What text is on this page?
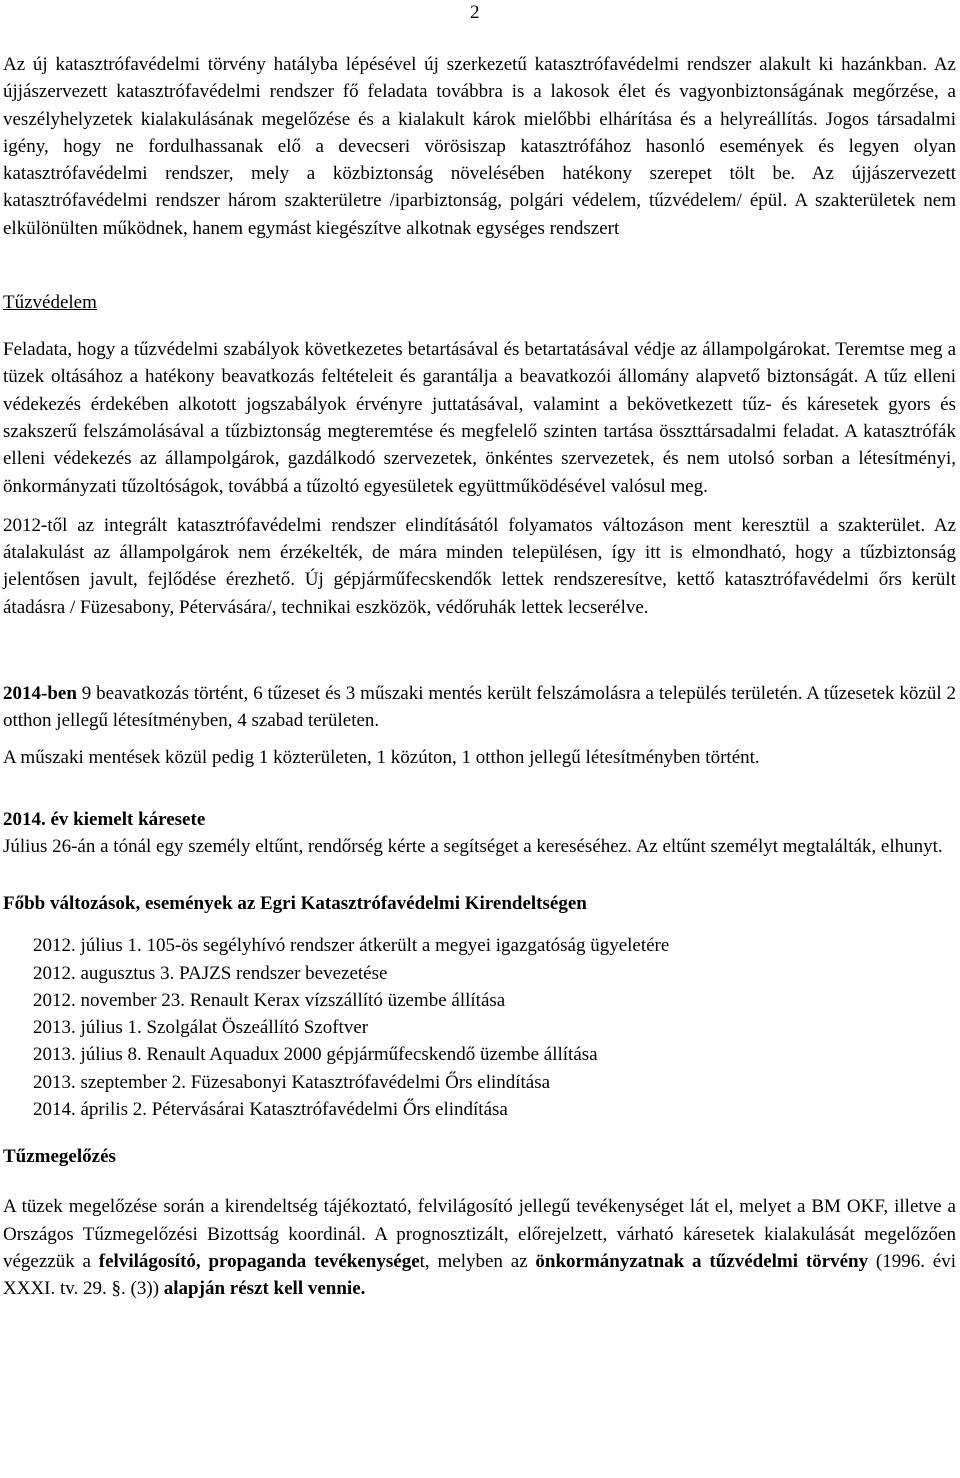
2

Az új katasztrófavédelmi törvény hatályba lépésével új szerkezetű katasztrófavédelmi rendszer alakult ki hazánkban. Az újjászervezett katasztrófavédelmi rendszer fő feladata továbbra is a lakosok élet és vagyonbiztonságának megőrzése, a veszélyhelyzetek kialakulásának megelőzése és a kialakult károk mielőbbi elhárítása és a helyreállítás. Jogos társadalmi igény, hogy ne fordulhassanak elő a devecseri vörösiszap katasztrófához hasonló események és legyen olyan katasztrófavédelmi rendszer, mely a közbiztonság növelésében hatékony szerepet tölt be. Az újjászervezett katasztrófavédelmi rendszer három szakterületre /iparbiztonság, polgári védelem, tűzvédelem/ épül. A szakterületek nem elkülönülten működnek, hanem egymást kiegészítve alkotnak egységes rendszert

Tűzvédelem

Feladata, hogy a tűzvédelmi szabályok következetes betartásával és betartatásával védje az állampolgárokat. Teremtse meg a tüzek oltásához a hatékony beavatkozás feltételeit és garantálja a beavatkozói állomány alapvető biztonságát. A tűz elleni védekezés érdekében alkotott jogszabályok érvényre juttatásával, valamint a bekövetkezett tűz- és káresetek gyors és szakszerű felszámolásával a tűzbiztonság megteremtése és megfelelő szinten tartása összttársadalmi feladat. A katasztrófák elleni védekezés az állampolgárok, gazdálkodó szervezetek, önkéntes szervezetek, és nem utolsó sorban a létesítményi, önkormányzati tűzoltóságok, továbbá a tűzoltó egyesületek együttműködésével valósul meg.

2012-től az integrált katasztrófavédelmi rendszer elindításától folyamatos változáson ment keresztül a szakterület. Az átalakulást az állampolgárok nem érzékelték, de mára minden településen, így itt is elmondható, hogy a tűzbiztonság jelentősen javult, fejlődése érezhető. Új gépjárműfecskendők lettek rendszeresítve, kettő katasztrófavédelmi őrs került átadásra / Füzesabony, Pétervására/, technikai eszközök, védőruhák lettek lecserélve.

2014-ben 9 beavatkozás történt, 6 tűzeset és 3 műszaki mentés került felszámolásra a település területén. A tűzesetek közül 2 otthon jellegű létesítményben, 4 szabad területen.

A műszaki mentések közül pedig 1 közterületen, 1 közúton, 1 otthon jellegű létesítményben történt.

2014. év kiemelt káresete

Július 26-án a tónál egy személy eltűnt, rendőrség kérte a segítséget a kereséséhez. Az eltűnt személyt megtalálták, elhunyt.

Főbb változások, események az Egri Katasztrófavédelmi Kirendeltségen
2012. július 1. 105-ös segélyhívó rendszer átkerült a megyei igazgatóság ügyeletére
2012. augusztus 3. PAJZS rendszer bevezetése
2012. november 23. Renault Kerax vízszállító üzembe állítása
2013. július 1. Szolgálat Öszeállító Szoftver
2013. július 8. Renault Aquadux 2000 gépjárműfecskendő üzembe állítása
2013. szeptember 2. Füzesabonyi Katasztrófavédelmi Őrs elindítása
2014. április 2. Pétervásárai Katasztrófavédelmi Őrs elindítása
Tűzmegelőzés

A tüzek megelőzése során a kirendeltség tájékoztató, felvilágosító jellegű tevékenységet lát el, melyet a BM OKF, illetve a Országos Tűzmegelőzési Bizottság koordinál. A prognosztizált, előrejelzett, várható káresetek kialakulását megelőzően végezzük a felvilágosító, propaganda tevékenységet, melyben az önkormányzatnak a tűzvédelmi törvény (1996. évi XXXI. tv. 29. §. (3)) alapján részt kell vennie.
